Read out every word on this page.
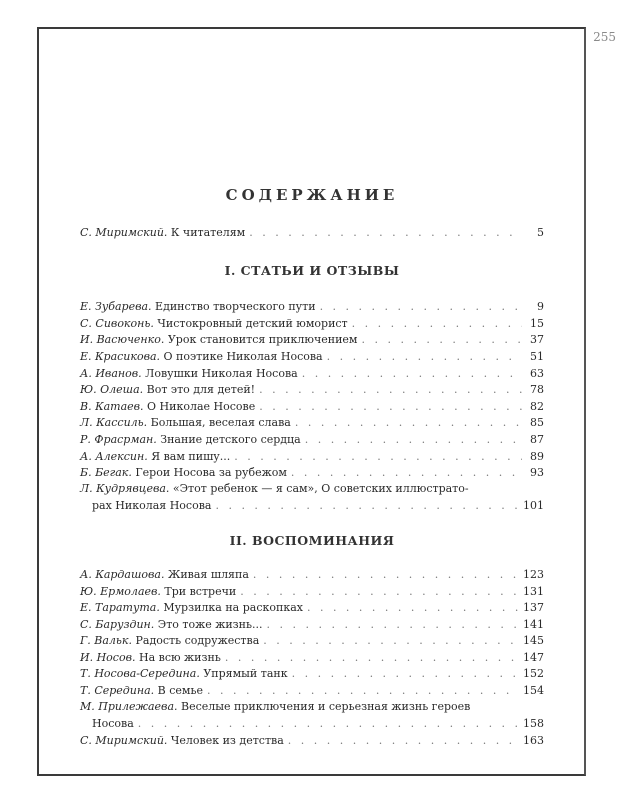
255
СОДЕРЖАНИЕ
С. Миримский. К читателям . . .	5
I. СТАТЬИ И ОТЗЫВЫ
Е. Зубарева. Единство творческого пути . . .	9
С. Сивоконь. Чистокровный детский юморист . . .	15
И. Васюченко. Урок становится приключением . . .	37
Е. Красикова. О поэтике Николая Носова . . .	51
А. Иванов. Ловушки Николая Носова . . .	63
Ю. Олеша. Вот это для детей! . . .	78
В. Катаев. О Николае Носове . . .	82
Л. Кассиль. Большая, веселая слава . . .	85
Р. Фрасрман. Знание детского сердца . . .	87
А. Алексин. Я вам пишу... . . .	89
Б. Бегак. Герои Носова за рубежом . . .	93
Л. Кудрявцева. «Этот ребенок — я сам», О советских иллюстрато-
рах Николая Носова . . .	101
II. ВОСПОМИНАНИЯ
А. Кардашова. Живая шляпа . . .	123
Ю. Ермолаев. Три встречи . . .	131
Е. Таратута. Мурзилка на раскопках . . .	137
С. Баруздин. Это тоже жизнь... . . .	141
Г. Вальк. Радость содружества . . .	145
И. Носов. На всю жизнь . . .	147
Т. Носова-Середина. Упрямый танк . . .	152
Т. Середина. В семье . . .	154
М. Прилежаева. Веселые приключения и серьезная жизнь героев
Носова . . .	158
С. Миримский. Человек из детства . . .	163
